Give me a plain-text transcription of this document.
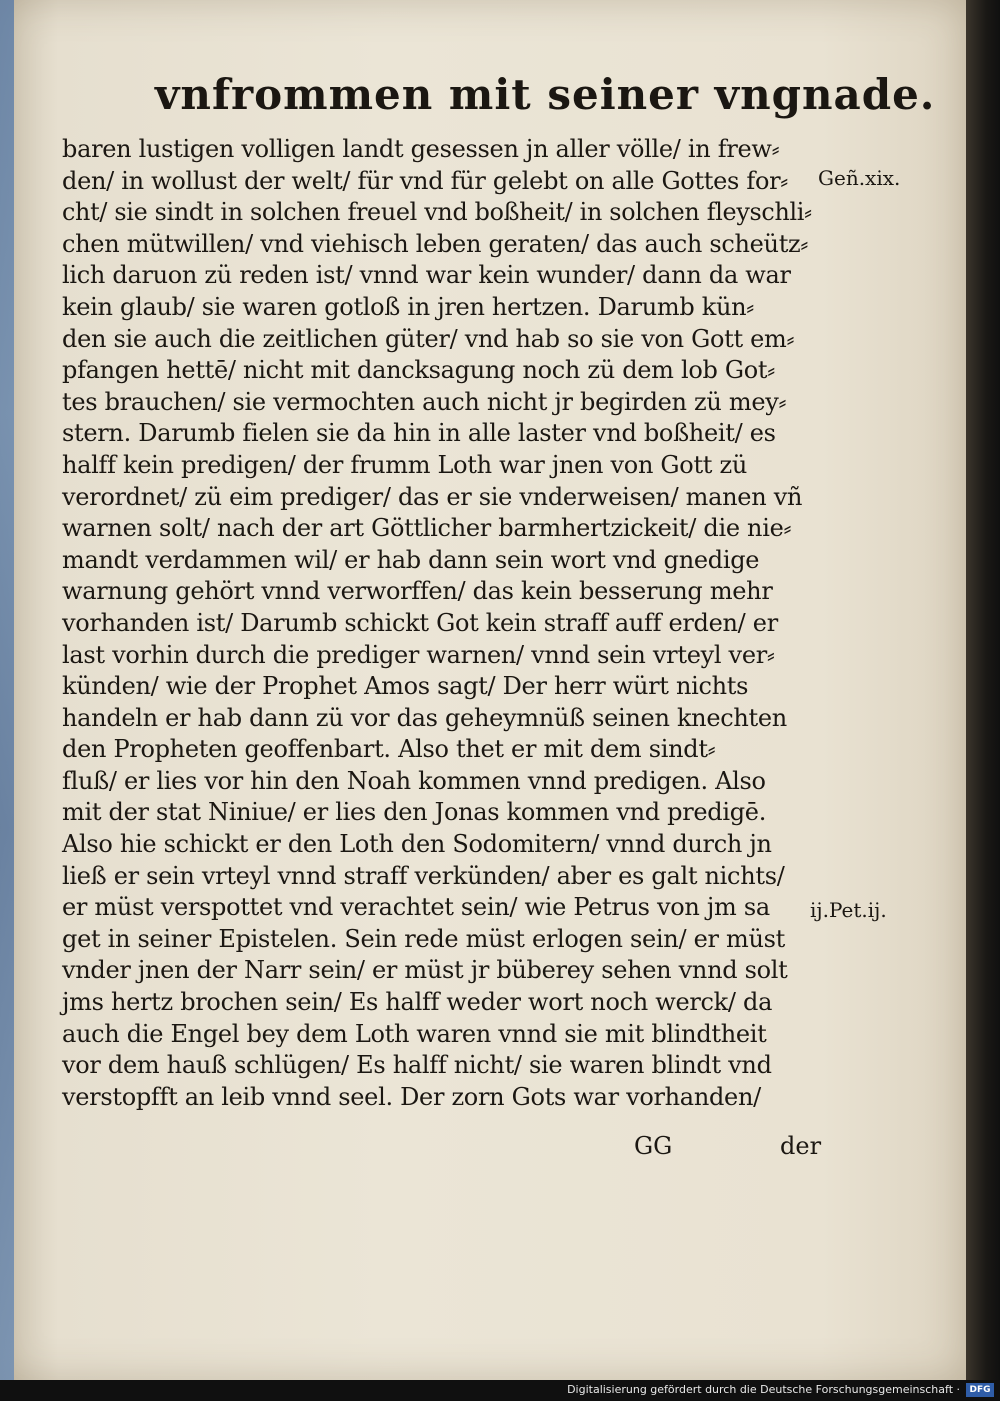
vnfrommen mit seiner vngnade.
baren lustigen volligen landt gesessen jn aller völle/ in frew⸗
den/ in wollust der welt/ für vnd für gelebt on alle Gottes for⸗
cht/ sie sindt in solchen freuel vnd boßheit/ in solchen fleyschli⸗
chen mütwillen/ vnd viehisch leben geraten/ das auch scheütz⸗
lich daruon zü reden ist/ vnnd war kein wunder/ dann da war
kein glaub/ sie waren gotloß in jren hertzen. Darumb kün⸗
den sie auch die zeitlichen güter/ vnd hab so sie von Gott em⸗
pfangen hettē/ nicht mit dancksagung noch zü dem lob Got⸗
tes brauchen/ sie vermochten auch nicht jr begirden zü mey⸗
stern. Darumb fielen sie da hin in alle laster vnd boßheit/ es
halff kein predigen/ der frumm Loth war jnen von Gott zü
verordnet/ zü eim prediger/ das er sie vnderweisen/ manen vñ
warnen solt/ nach der art Göttlicher barmhertzickeit/ die nie⸗
mandt verdammen wil/ er hab dann sein wort vnd gnedige
warnung gehört vnnd verworffen/ das kein besserung mehr
vorhanden ist/ Darumb schickt Got kein straff auff erden/ er
last vorhin durch die prediger warnen/ vnnd sein vrteyl ver⸗
künden/ wie der Prophet Amos sagt/ Der herr würt nichts
handeln er hab dann zü vor das geheymnüß seinen knechten
den Propheten geoffenbart. Also thet er mit dem sindt⸗
fluß/ er lies vor hin den Noah kommen vnnd predigen. Also
mit der stat Niniue/ er lies den Jonas kommen vnd predigē.
Also hie schickt er den Loth den Sodomitern/ vnnd durch jn
ließ er sein vrteyl vnnd straff verkünden/ aber es galt nichts/
er müst verspottet vnd verachtet sein/ wie Petrus von jm sa
get in seiner Epistelen. Sein rede müst erlogen sein/ er müst
vnder jnen der Narr sein/ er müst jr büberey sehen vnnd solt
jms hertz brochen sein/ Es halff weder wort noch werck/ da
auch die Engel bey dem Loth waren vnnd sie mit blindtheit
vor dem hauß schlügen/ Es halff nicht/ sie waren blindt vnd
verstopfft an leib vnnd seel. Der zorn Gots war vorhanden/
Geñ.xix.
ij.Pet.ij.
GG	der
Digitalisierung gefördert durch die Deutsche Forschungsgemeinschaft ·	DFG
